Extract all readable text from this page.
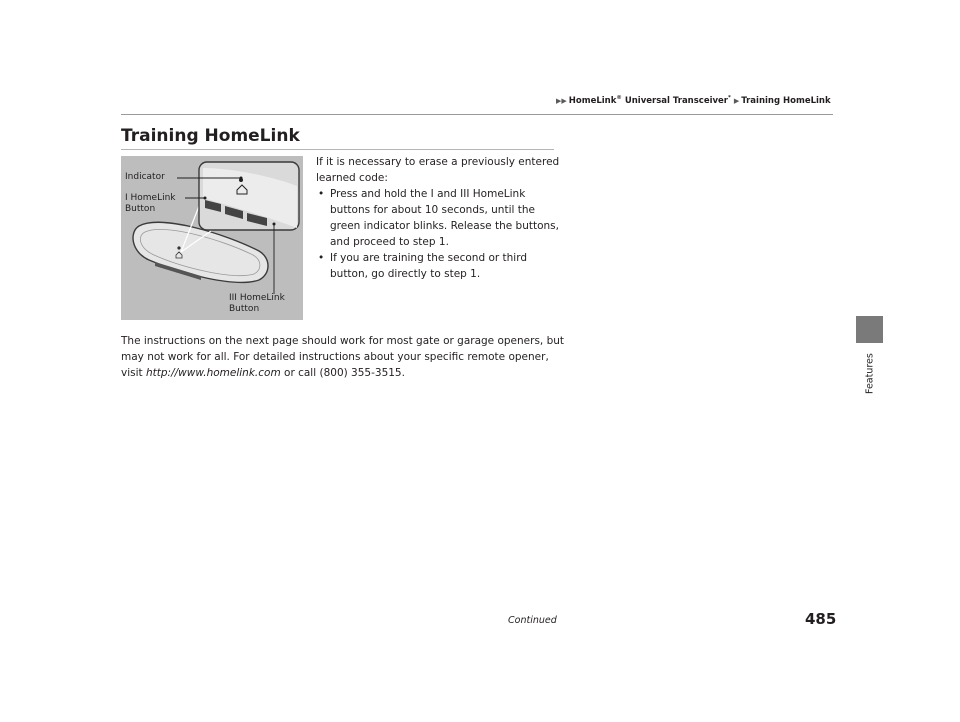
▶▶ HomeLink® Universal Transceiver* ▶ Training HomeLink
Features
Training HomeLink
Indicator
I HomeLink
Button
III HomeLink
Button
If it is necessary to erase a previously entered
learned code:
• Press and hold the I and III HomeLink
buttons for about 10 seconds, until the
green indicator blinks. Release the buttons,
and proceed to step 1.
• If you are training the second or third
button, go directly to step 1.
The instructions on the next page should work for most gate or garage openers, but
may not work for all. For detailed instructions about your specific remote opener,
visit http://www.homelink.com or call (800) 355-3515.
Continued	485
